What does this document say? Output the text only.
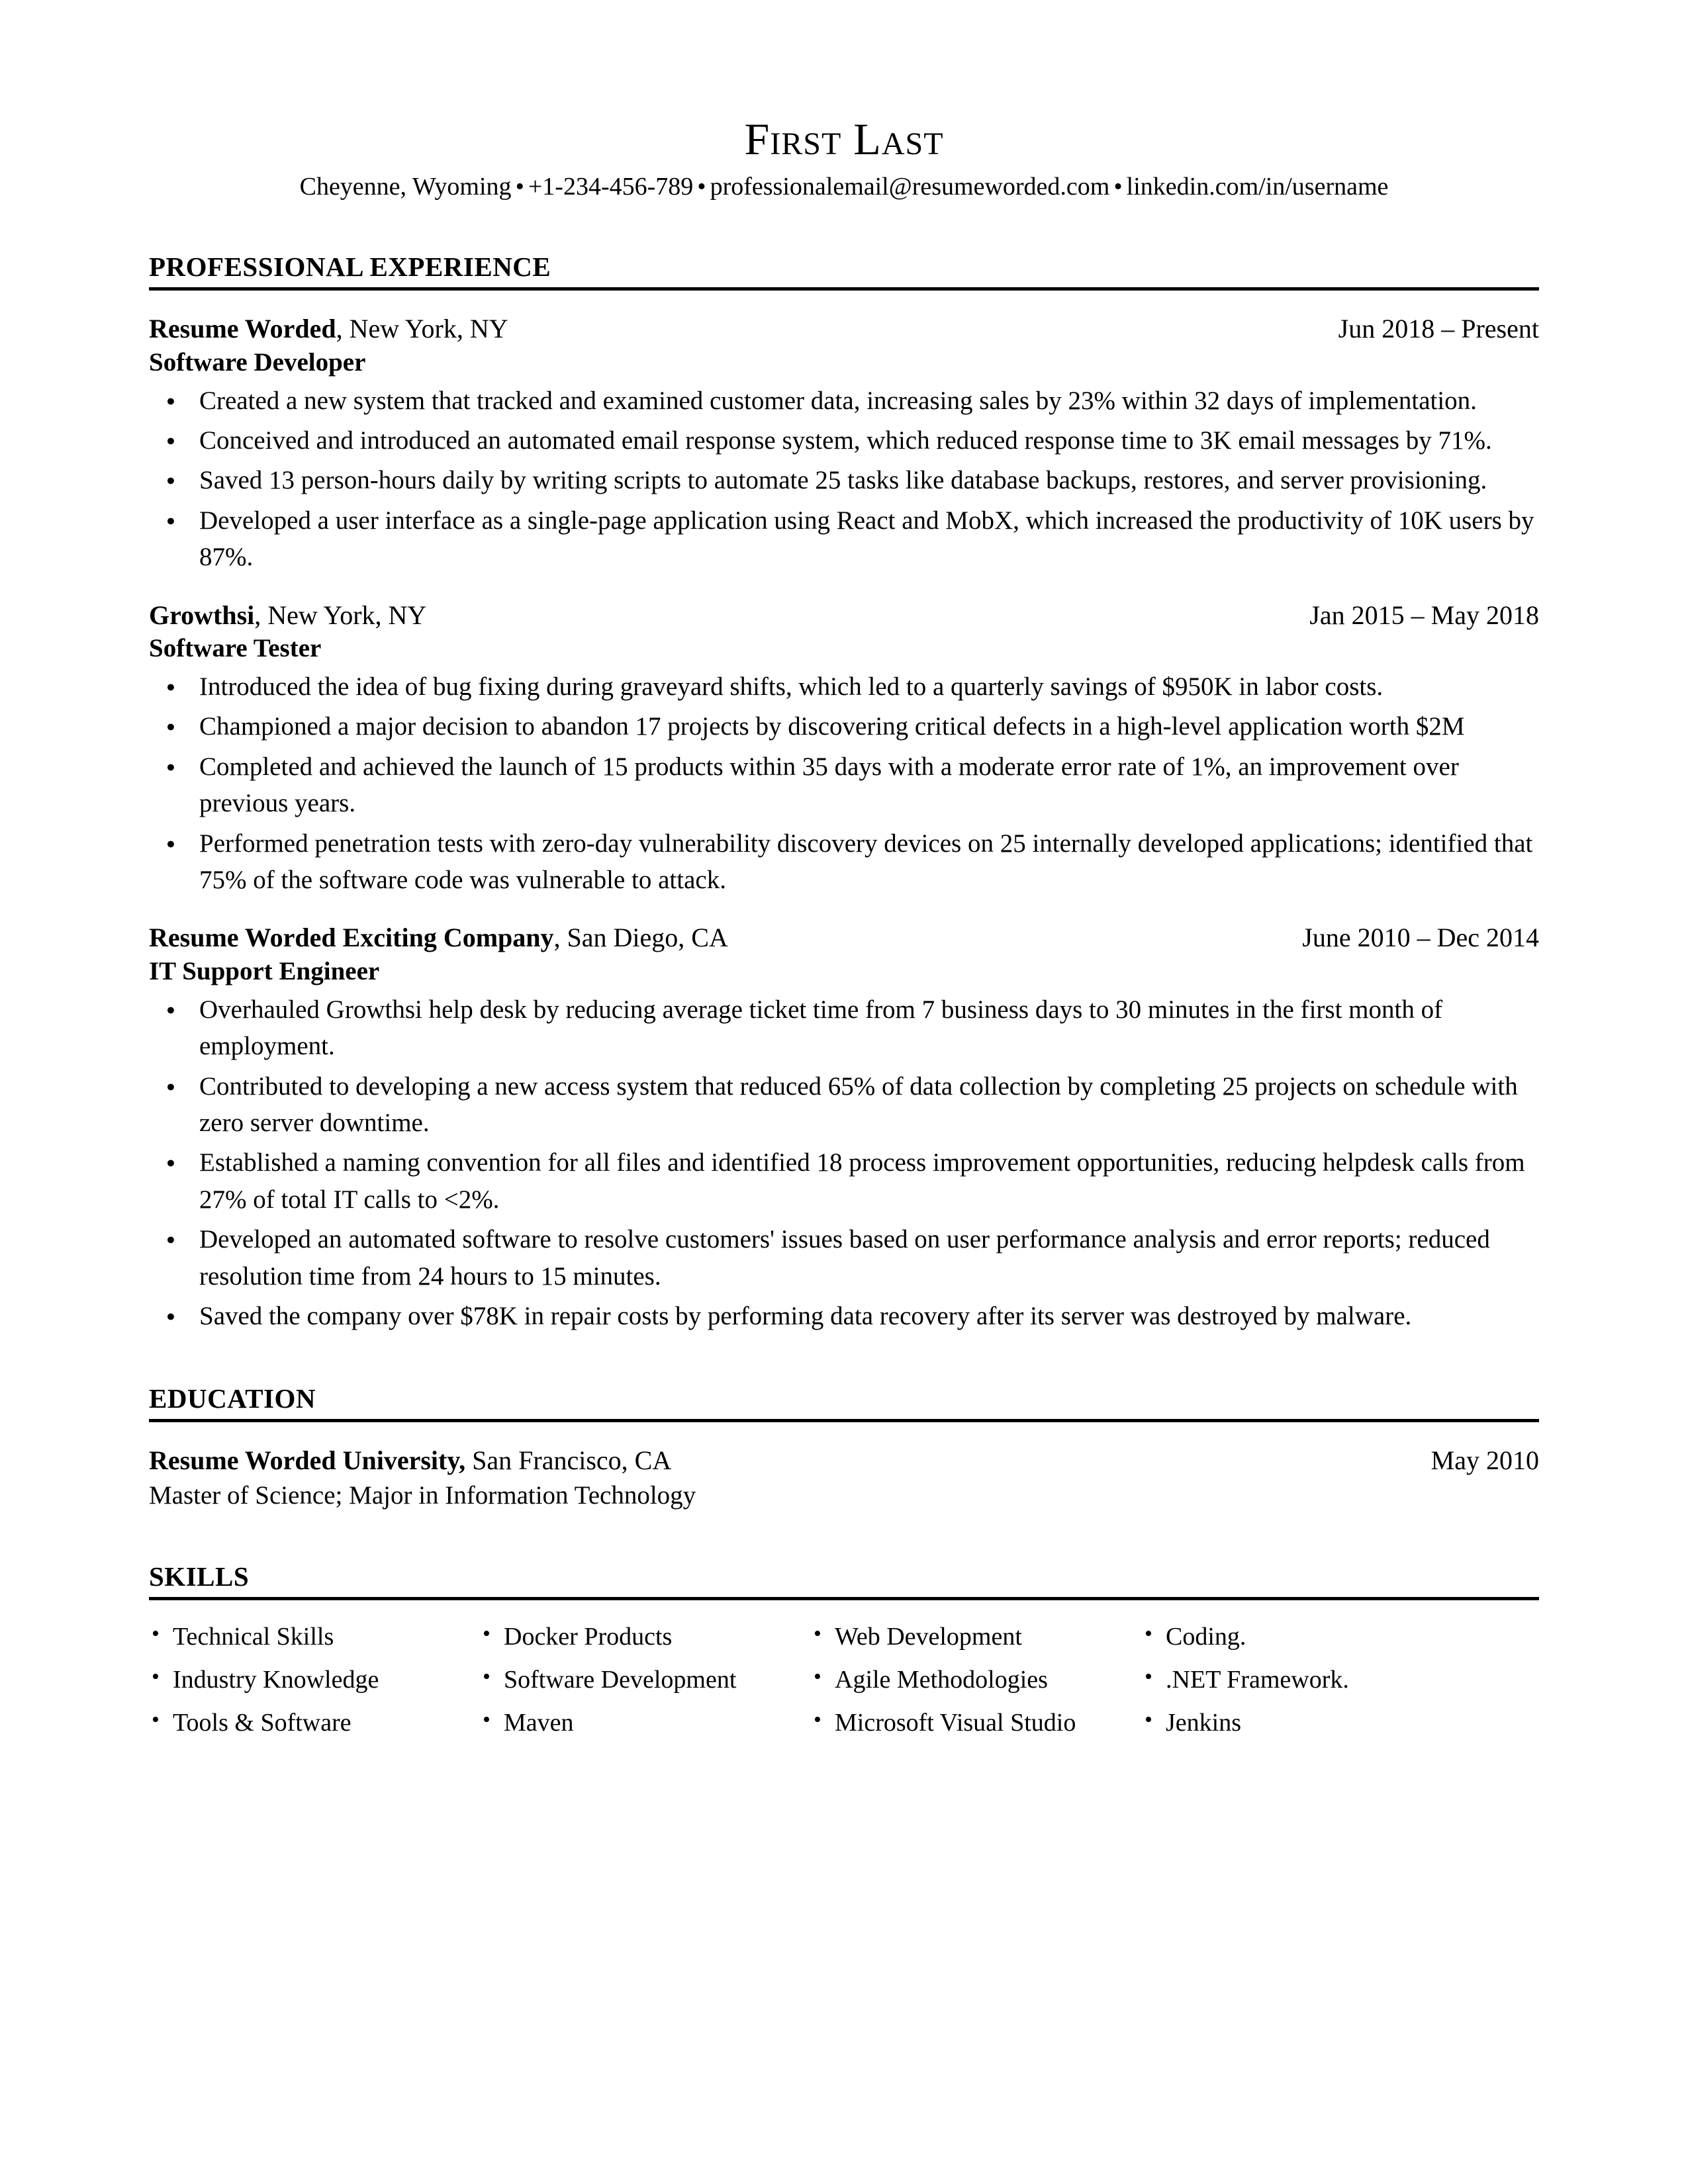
First Last
Cheyenne, Wyoming • +1-234-456-789 • professionalemail@resumeworded.com • linkedin.com/in/username
PROFESSIONAL EXPERIENCE
Resume Worded, New York, NY	Jun 2018 – Present
Software Developer
● Created a new system that tracked and examined customer data, increasing sales by 23% within 32 days of implementation.
● Conceived and introduced an automated email response system, which reduced response time to 3K email messages by 71%.
● Saved 13 person-hours daily by writing scripts to automate 25 tasks like database backups, restores, and server provisioning.
● Developed a user interface as a single-page application using React and MobX, which increased the productivity of 10K users by 87%.
Growthsi, New York, NY	Jan 2015 – May 2018
Software Tester
● Introduced the idea of bug fixing during graveyard shifts, which led to a quarterly savings of $950K in labor costs.
● Championed a major decision to abandon 17 projects by discovering critical defects in a high-level application worth $2M
● Completed and achieved the launch of 15 products within 35 days with a moderate error rate of 1%, an improvement over previous years.
● Performed penetration tests with zero-day vulnerability discovery devices on 25 internally developed applications; identified that 75% of the software code was vulnerable to attack.
Resume Worded Exciting Company, San Diego, CA	June 2010 – Dec 2014
IT Support Engineer
● Overhauled Growthsi help desk by reducing average ticket time from 7 business days to 30 minutes in the first month of employment.
● Contributed to developing a new access system that reduced 65% of data collection by completing 25 projects on schedule with zero server downtime.
● Established a naming convention for all files and identified 18 process improvement opportunities, reducing helpdesk calls from 27% of total IT calls to <2%.
● Developed an automated software to resolve customers' issues based on user performance analysis and error reports; reduced resolution time from 24 hours to 15 minutes.
● Saved the company over $78K in repair costs by performing data recovery after its server was destroyed by malware.
EDUCATION
Resume Worded University, San Francisco, CA	May 2010
Master of Science; Major in Information Technology
SKILLS
• Technical Skills	• Docker Products	• Web Development	• Coding.
• Industry Knowledge	• Software Development	• Agile Methodologies	• .NET Framework.
• Tools & Software	• Maven	• Microsoft Visual Studio	• Jenkins
